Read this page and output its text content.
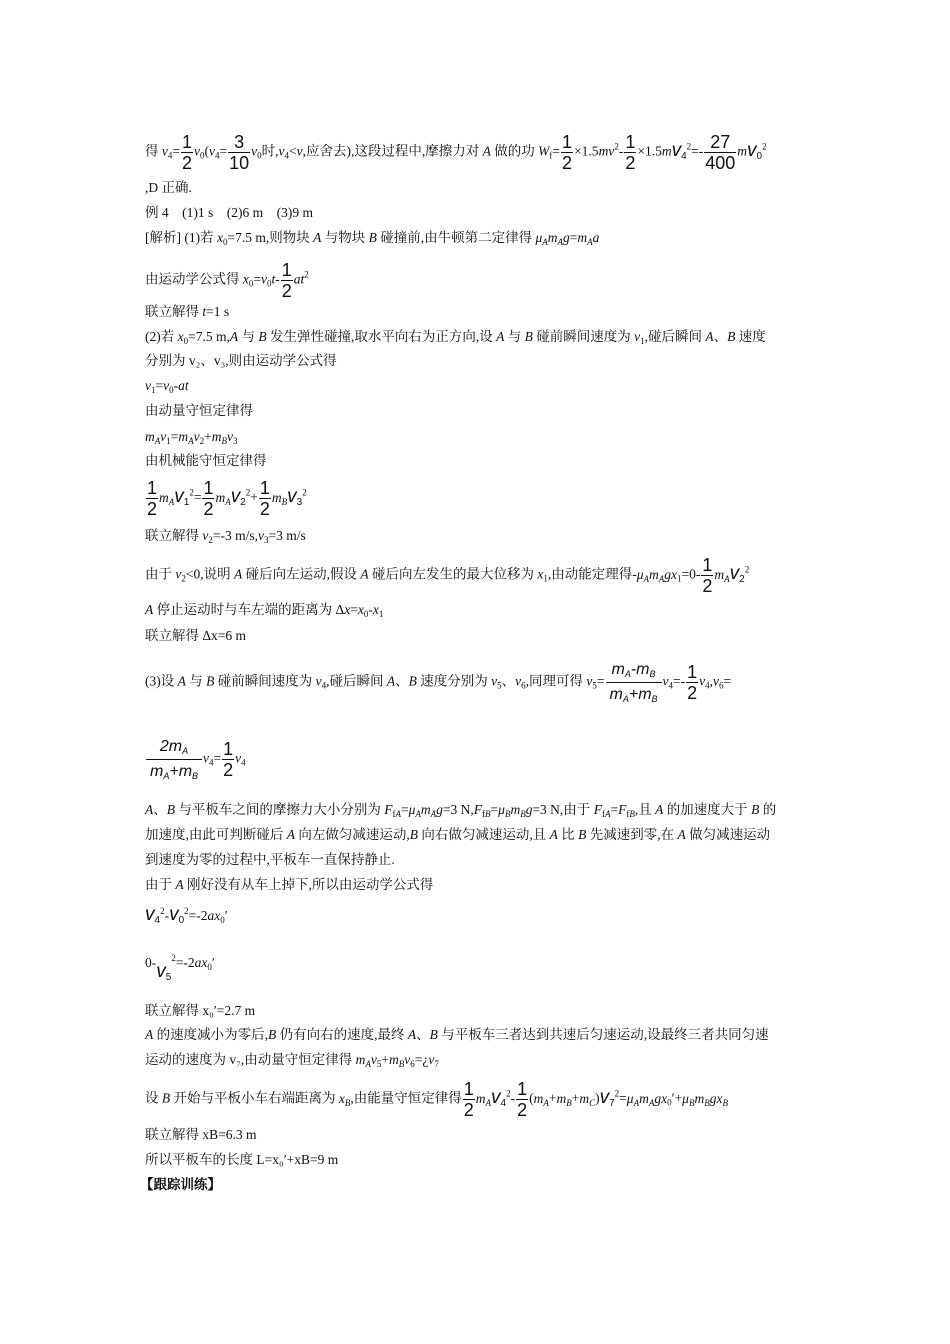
得 $v_4= \frac{1}{2} v_0(v_4= \frac{3}{10} v_0$时$,v_4<v$,应舍去),这段过程中,摩擦力对 A 做的功 $W_f= \frac{1}{2} \times 1.5mv^2- \frac{1}{2} \times 1.5mv_4^2=- \frac{27}{400} mv_0^2$
,D 正确.
例 4　(1)1 s　(2)6 m　(3)9 m
[解析] (1)若 $x_0=7.5$ m,则物块 A 与物块 B 碰撞前,由牛顿第二定律得 $\mu_Am_Ag=m_Aa$
由运动学公式得 $x_0=v_0t- \frac{1}{2} at^2$
联立解得 t=1 s
(2)若 $x_0=7.5$ m,A 与 B 发生弹性碰撞,取水平向右为正方向,设 A 与 B 碰前瞬间速度为 $v_1$,碰后瞬间 A、B 速度
分别为 v₂、v₃,则由运动学公式得
$v_1=v_0-at$
由动量守恒定律得
$m_Av_1=m_Av_2+m_Bv_3$
由机械能守恒定律得
$\frac{1}{2} m_Av_1^2= \frac{1}{2} m_Av_2^2+ \frac{1}{2} m_Bv_3^2$
联立解得 $v_2=-3$ $m/s,v_3=3$ m/s
由于 $v_2<0$,说明 A 碰后向左运动,假设 A 碰后向左发生的最大位移为 $x_1$,由动能定理得$-\mu_Am_Agx_1=0- \frac{1}{2} m_Av_2^2$
A 停止运动时与车左端的距离为 $\Delta x=x_0-x_1$
联立解得 Δx=6 m
(3)设 A 与 B 碰前瞬间速度为 $v_4$,碰后瞬间 A、B 速度分别为 $v_5$、$v_6$,同理可得 $v_5= \frac{m_A-m_B}{m_A+m_B} v_4=- \frac{1}{2} v_4,v_6=$
$\frac{2m_A}{m_A+m_B} v_4= \frac{1}{2} v_4$
A、B 与平板车之间的摩擦力大小分别为 $F_{fA}=\mu_Am_Ag=3$ $N,F_{fB}=\mu_Bm_Bg=3$ N,由于 $F_{fA}=F_{fB}$,且 A 的加速度大于 B 的
加速度,由此可判断碰后 A 向左做匀减速运动,B 向右做匀减速运动,且 A 比 B 先减速到零,在 A 做匀减速运动
到速度为零的过程中,平板车一直保持静止.
由于 A 刚好没有从车上掉下,所以由运动学公式得
$v_4^2-v_0^2=-2ax_0'$
$0-v_5^2=-2ax_0'$
联立解得 x₀′=2.7 m
A 的速度减小为零后,B 仍有向右的速度,最终 A、B 与平板车三者达到共速后匀速运动,设最终三者共同匀速
运动的速度为 v₇,由动量守恒定律得 $m_Av_5+m_Bv_6=¿v_7$
设 B 开始与平板小车右端距离为 $x_B$,由能量守恒定律得 $\frac{1}{2} m_Av_4^2- \frac{1}{2} (m_A+m_B+m_C)v_7^2=\mu_Am_Agx_0'+\mu_Bm_Bgx_B$
联立解得 xB=6.3 m
所以平板车的长度 L=x₀′+xB=9 m
【跟踪训练】
